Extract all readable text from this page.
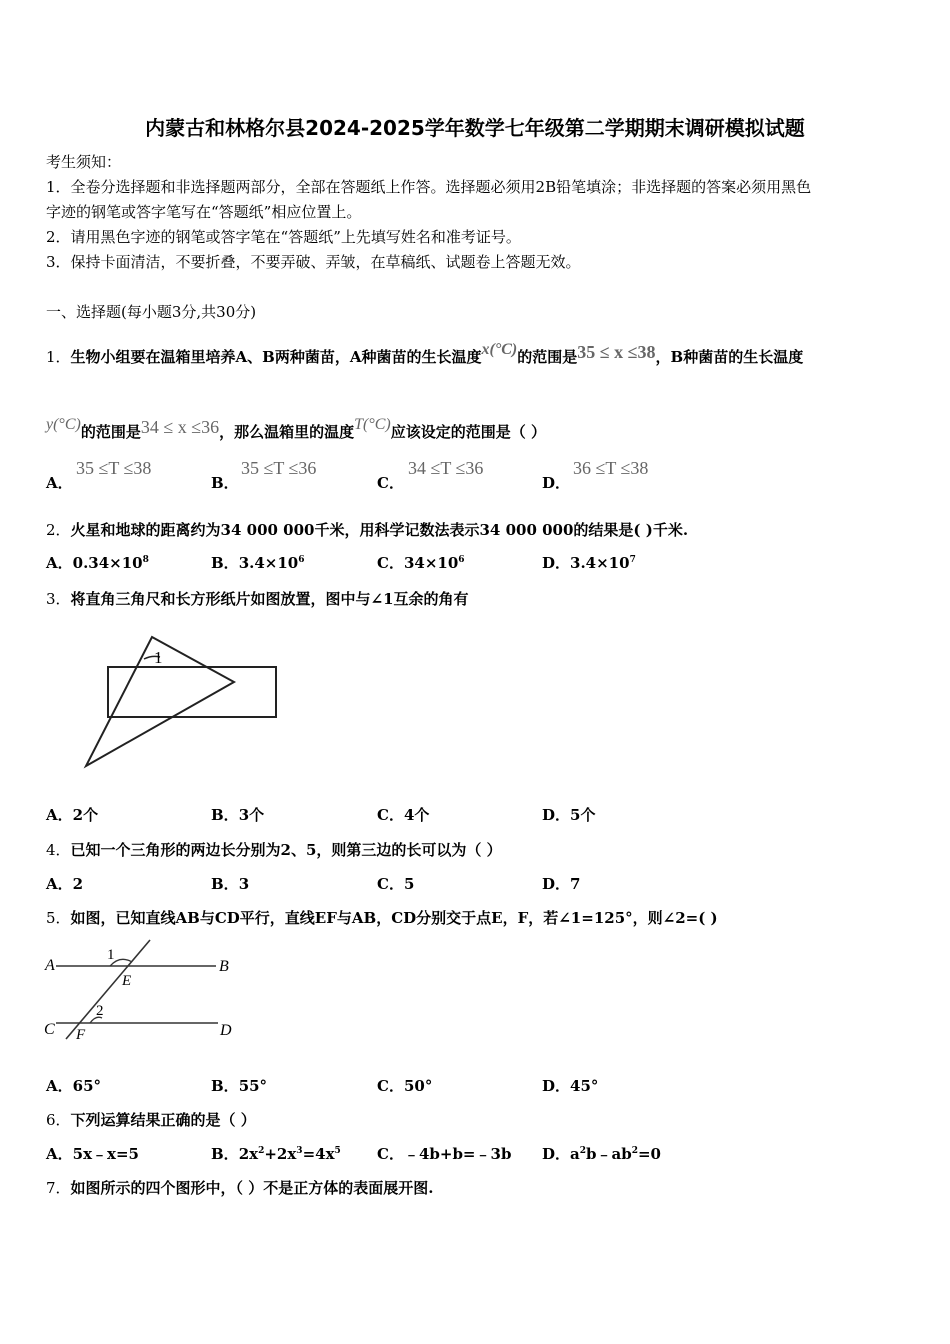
内蒙古和林格尔县2024-2025学年数学七年级第二学期期末调研模拟试题
考生须知：
1．全卷分选择题和非选择题两部分，全部在答题纸上作答。选择题必须用2B铅笔填涂；非选择题的答案必须用黑色
字迹的钢笔或答字笔写在“答题纸”相应位置上。
2．请用黑色字迹的钢笔或答字笔在“答题纸”上先填写姓名和准考证号。
3．保持卡面清洁，不要折叠，不要弄破、弄皱，在草稿纸、试题卷上答题无效。
一、选择题(每小题3分,共30分)
1．生物小组要在温箱里培养A、B两种菌苗，A种菌苗的生长温度x(°C)的范围是35 ≤ x ≤38，B种菌苗的生长温度
y(°C)的范围是34 ≤ x ≤36，那么温箱里的温度T(°C)应该设定的范围是（ ）
A．
35 ≤T ≤38
B．
35 ≤T ≤36
C．
34 ≤T ≤36
D．
36 ≤T ≤38
2．火星和地球的距离约为34 000 000千米，用科学记数法表示34 000 000的结果是( )千米.
A．$0.34\times 10^8$	B．$3.4\times 10^6$	C．$34\times 10^6$	D．$3.4\times 10^7$
3．将直角三角尺和长方形纸片如图放置，图中与∠1互余的角有
1
A．2个	B．3个	C．4个	D．5个
4．已知一个三角形的两边长分别为2、5，则第三边的长可以为（ ）
A．2	B．3	C．5	D．7
5．如图，已知直线AB与CD平行，直线EF与AB，CD分别交于点E，F，若∠1=125°，则∠2=( )
A	B
C	D
E
F
1
2
A．65°	B．55°	C．50°	D．45°
6．下列运算结果正确的是（ ）
A．5x﹣x=5	B．$2x^2+2x^3=4x^5$ C．﹣4b+b=﹣3b D．$a^2b﹣ab^2=0$
7．如图所示的四个图形中，（ ）不是正方体的表面展开图.
